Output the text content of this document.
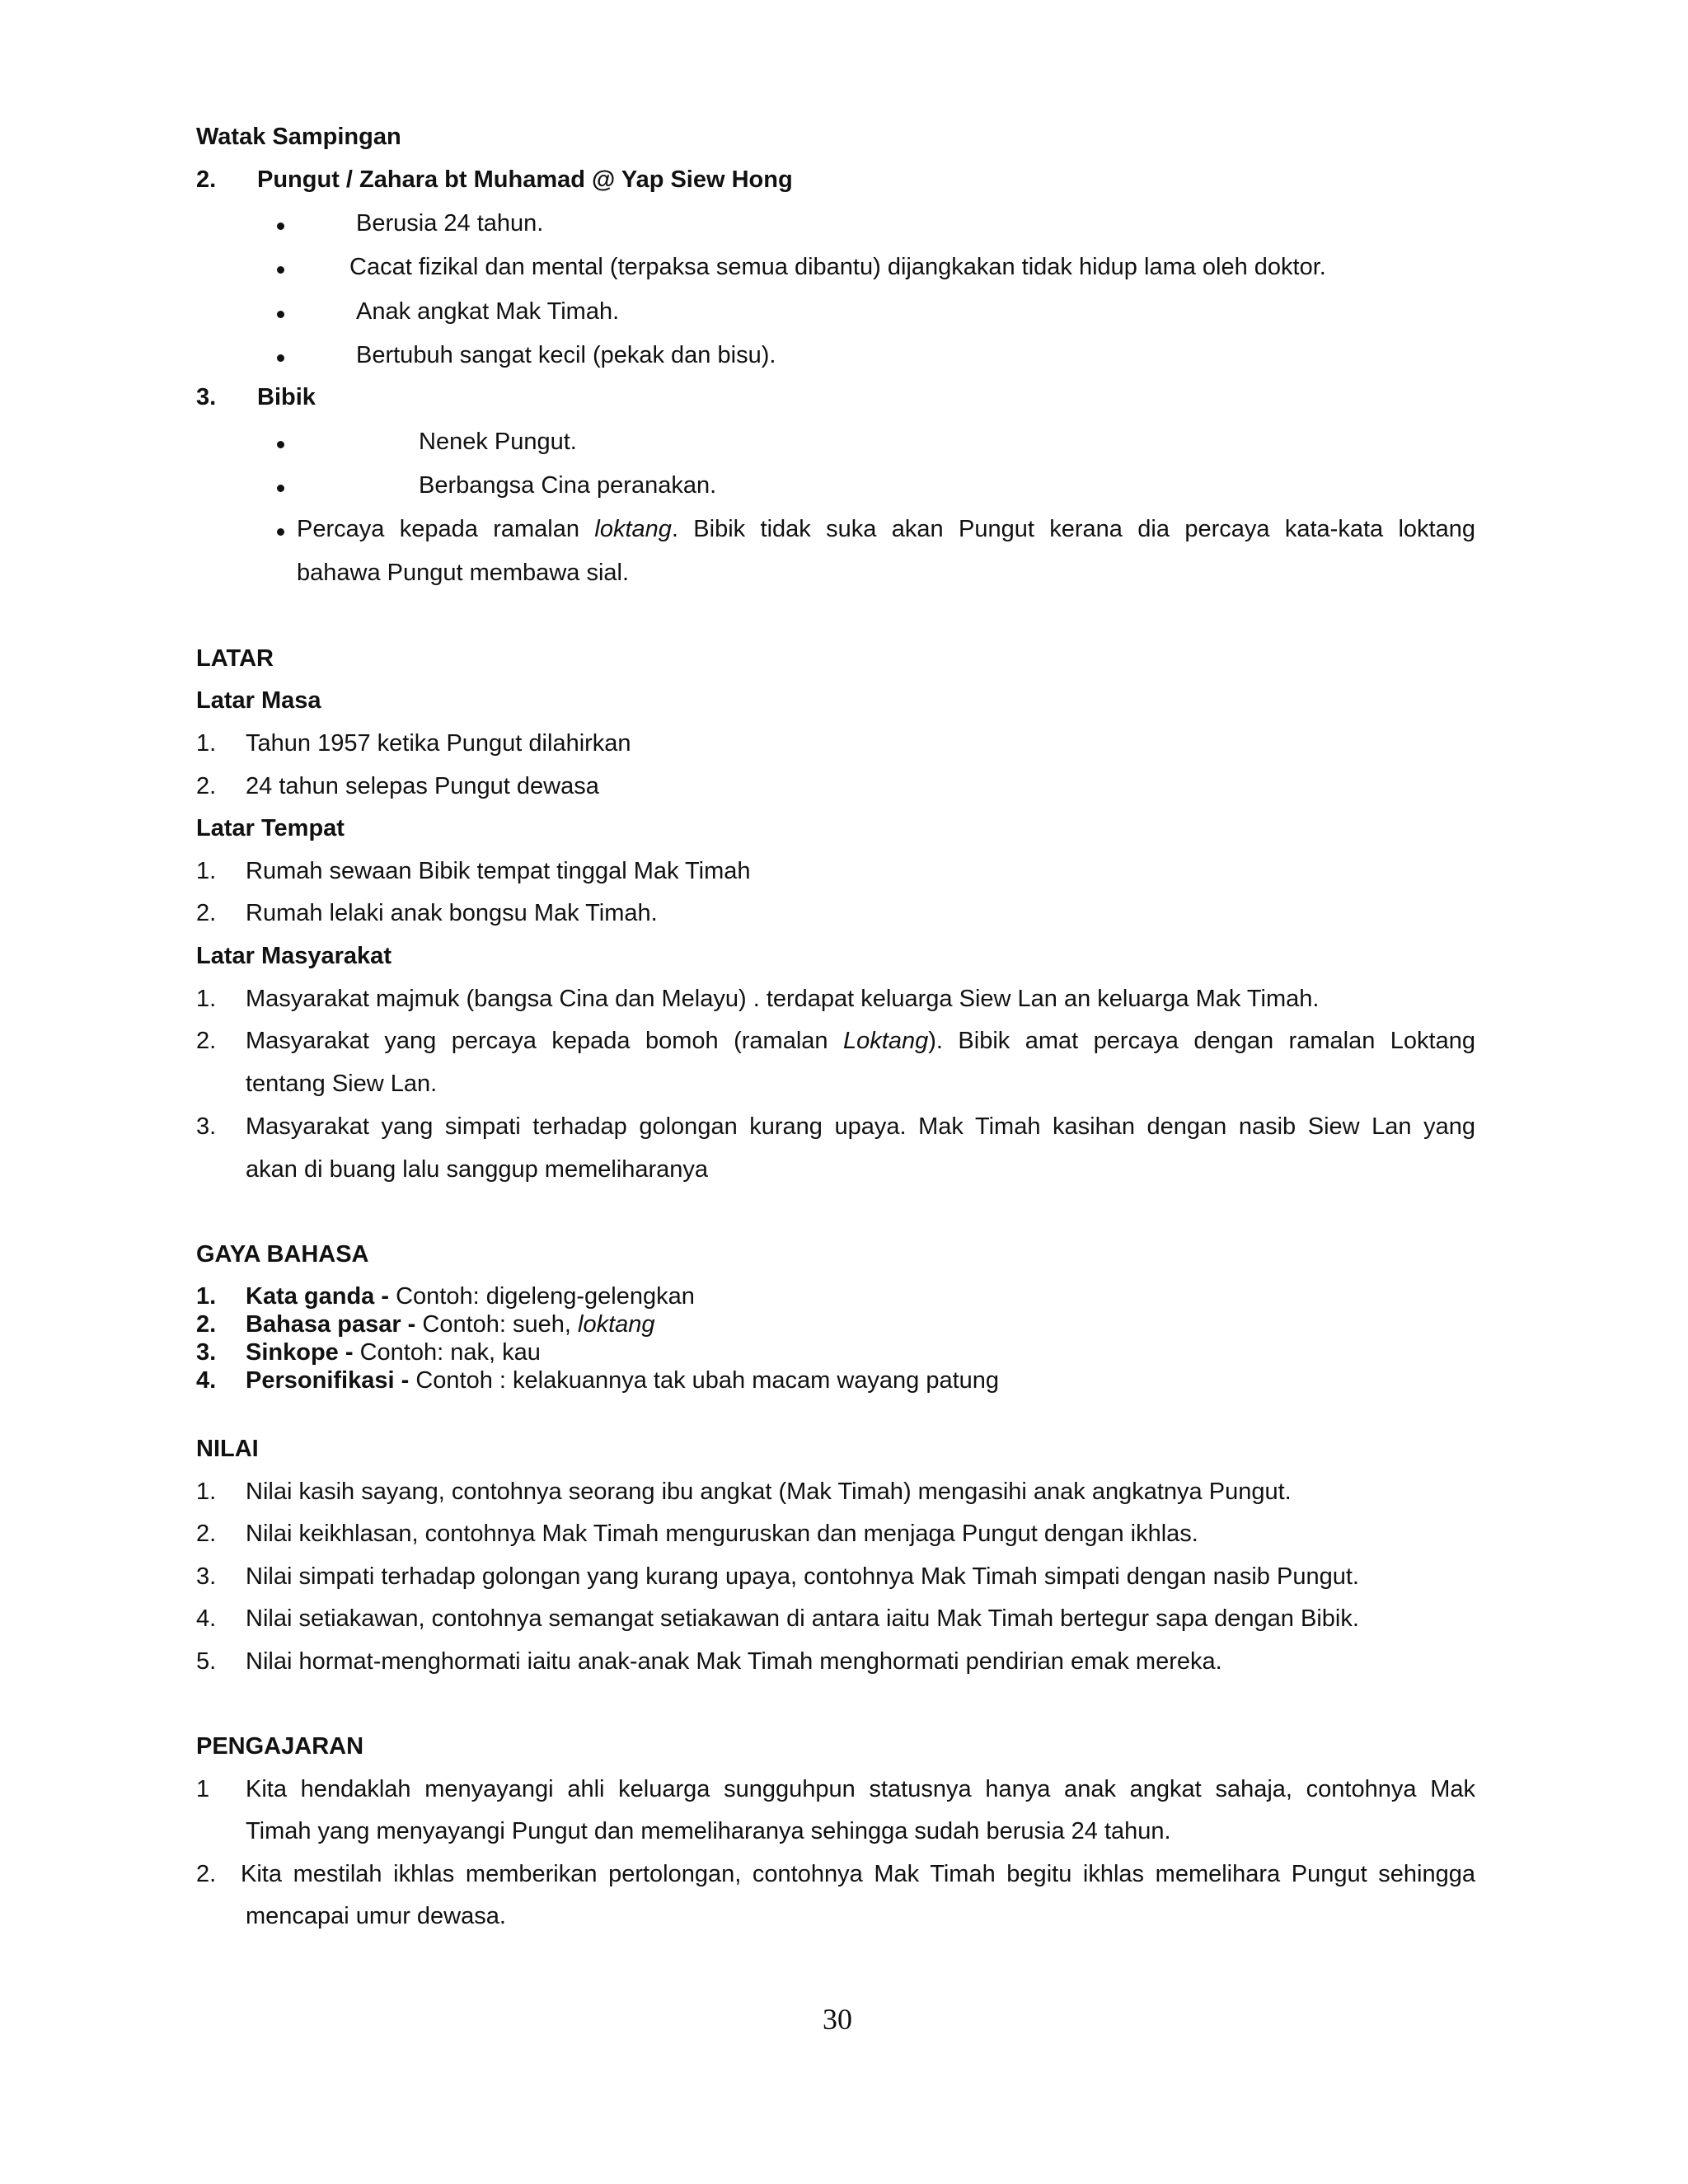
Watak Sampingan
2. Pungut / Zahara bt Muhamad @ Yap Siew Hong
Berusia 24 tahun.
Cacat fizikal dan mental (terpaksa semua dibantu) dijangkakan tidak hidup lama oleh doktor.
Anak angkat Mak Timah.
Bertubuh sangat kecil (pekak dan bisu).
3. Bibik
Nenek Pungut.
Berbangsa Cina peranakan.
Percaya kepada ramalan loktang. Bibik tidak suka akan Pungut kerana dia percaya kata-kata loktang
bahawa Pungut membawa sial.
LATAR
Latar Masa
1. Tahun 1957 ketika Pungut dilahirkan
2. 24 tahun selepas Pungut dewasa
Latar Tempat
1. Rumah sewaan Bibik tempat tinggal Mak Timah
2. Rumah lelaki anak bongsu Mak Timah.
Latar Masyarakat
1. Masyarakat majmuk (bangsa Cina dan Melayu) . terdapat keluarga Siew Lan an keluarga Mak Timah.
2. Masyarakat yang percaya kepada bomoh (ramalan Loktang). Bibik amat percaya dengan ramalan Loktang
tentang Siew Lan.
3. Masyarakat yang simpati terhadap golongan kurang upaya. Mak Timah kasihan dengan nasib Siew Lan yang
akan di buang lalu sanggup memeliharanya
GAYA BAHASA
1. Kata ganda - Contoh: digeleng-gelengkan
2. Bahasa pasar - Contoh: sueh, loktang
3. Sinkope - Contoh: nak, kau
4. Personifikasi - Contoh : kelakuannya tak ubah macam wayang patung
NILAI
1. Nilai kasih sayang, contohnya seorang ibu angkat (Mak Timah) mengasihi anak angkatnya Pungut.
2. Nilai keikhlasan, contohnya Mak Timah menguruskan dan menjaga Pungut dengan ikhlas.
3. Nilai simpati terhadap golongan yang kurang upaya, contohnya Mak Timah simpati dengan nasib Pungut.
4. Nilai setiakawan, contohnya semangat setiakawan di antara iaitu Mak Timah bertegur sapa dengan Bibik.
5. Nilai hormat-menghormati iaitu anak-anak Mak Timah menghormati pendirian emak mereka.
PENGAJARAN
1 Kita hendaklah menyayangi ahli keluarga sungguhpun statusnya hanya anak angkat sahaja, contohnya Mak
Timah yang menyayangi Pungut dan memeliharanya sehingga sudah berusia 24 tahun.
2. Kita mestilah ikhlas memberikan pertolongan, contohnya Mak Timah begitu ikhlas memelihara Pungut sehingga
mencapai umur dewasa.
30
